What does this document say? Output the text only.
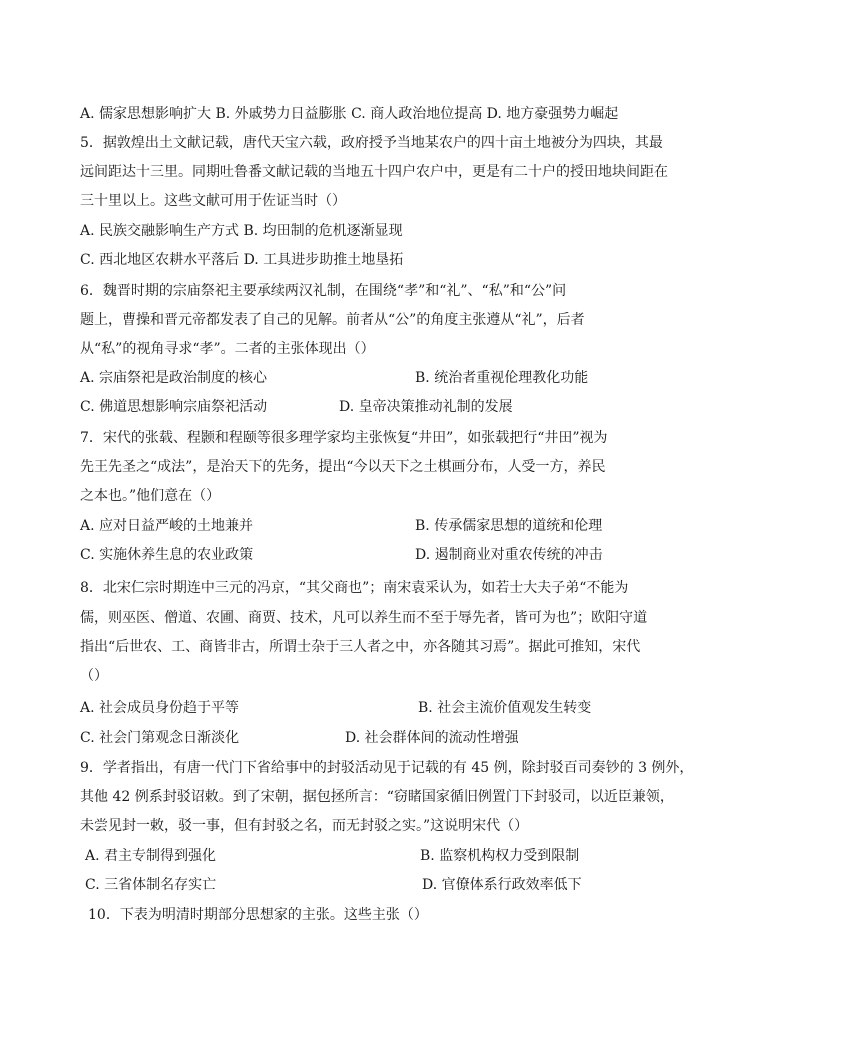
A. 儒家思想影响扩大 B. 外戚势力日益膨胀 C. 商人政治地位提高 D. 地方豪强势力崛起
5．据敦煌出土文献记载，唐代天宝六载，政府授予当地某农户的四十亩土地被分为四块，其最
远间距达十三里。同期吐鲁番文献记载的当地五十四户农户中，更是有二十户的授田地块间距在
三十里以上。这些文献可用于佐证当时（）
A. 民族交融影响生产方式 B. 均田制的危机逐渐显现
C. 西北地区农耕水平落后 D. 工具进步助推土地垦拓
6．魏晋时期的宗庙祭祀主要承续两汉礼制，在围绕“孝”和“礼”、“私”和“公”问
题上，曹操和晋元帝都发表了自己的见解。前者从“公”的角度主张遵从“礼”，后者
从“私”的视角寻求“孝”。二者的主张体现出（）
A. 宗庙祭祀是政治制度的核心	B. 统治者重视伦理教化功能
C. 佛道思想影响宗庙祭祀活动	D. 皇帝决策推动礼制的发展
7．宋代的张载、程颢和程颐等很多理学家均主张恢复“井田”，如张载把行“井田”视为
先王先圣之“成法”，是治天下的先务，提出“今以天下之土棋画分布，人受一方，养民
之本也。”他们意在（）
A. 应对日益严峻的土地兼并	B. 传承儒家思想的道统和伦理
C. 实施休养生息的农业政策	D. 遏制商业对重农传统的冲击
8．北宋仁宗时期连中三元的冯京，“其父商也”；南宋袁采认为，如若士大夫子弟“不能为
儒，则巫医、僧道、农圃、商贾、技术，凡可以养生而不至于辱先者，皆可为也”；欧阳守道
指出“后世农、工、商皆非古，所谓士杂于三人者之中，亦各随其习焉”。据此可推知，宋代
（）
A. 社会成员身份趋于平等	B. 社会主流价值观发生转变
C. 社会门第观念日渐淡化	D. 社会群体间的流动性增强
9．学者指出，有唐一代门下省给事中的封驳活动见于记载的有 45 例，除封驳百司奏钞的 3 例外，
其他 42 例系封驳诏敕。到了宋朝，据包拯所言：“窃睹国家循旧例置门下封驳司，以近臣兼领，
未尝见封一敕，驳一事，但有封驳之名，而无封驳之实。”这说明宋代（）
A. 君主专制得到强化	B. 监察机构权力受到限制
C. 三省体制名存实亡	D. 官僚体系行政效率低下
10．下表为明清时期部分思想家的主张。这些主张（）
